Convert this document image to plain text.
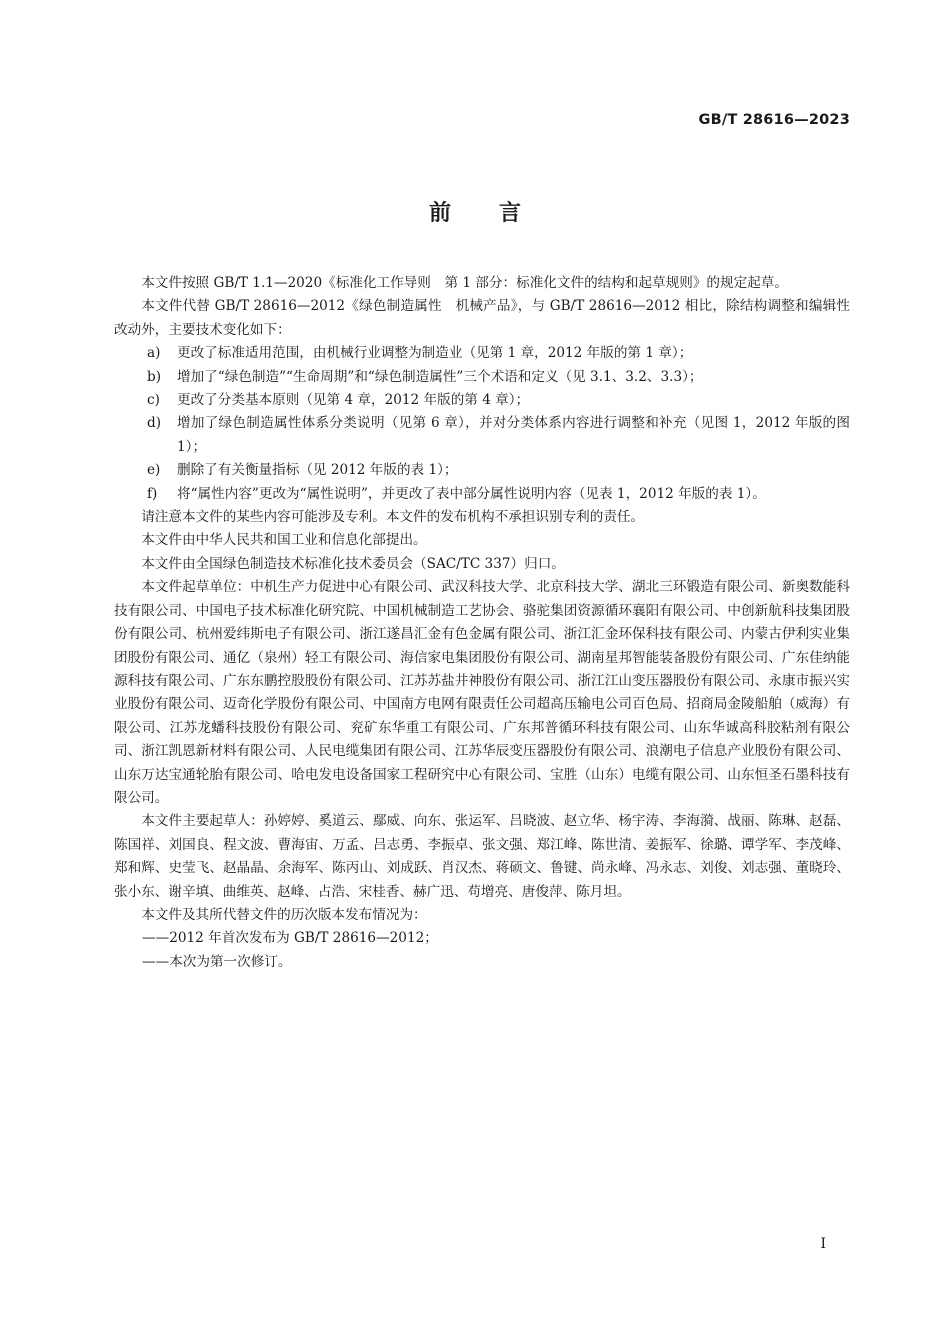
GB/T 28616—2023
前言

本文件按照 GB/T 1.1—2020《标准化工作导则　第 1 部分：标准化文件的结构和起草规则》的规定起草。

本文件代替 GB/T 28616—2012《绿色制造属性　机械产品》，与 GB/T 28616—2012 相比，除结构调整和编辑性改动外，主要技术变化如下：

a)	更改了标准适用范围，由机械行业调整为制造业（见第 1 章，2012 年版的第 1 章）；
b)	增加了“绿色制造”“生命周期”和“绿色制造属性”三个术语和定义（见 3.1、3.2、3.3）；
c)	更改了分类基本原则（见第 4 章，2012 年版的第 4 章）；
d)	增加了绿色制造属性体系分类说明（见第 6 章），并对分类体系内容进行调整和补充（见图 1，2012 年版的图 1）；
e)	删除了有关衡量指标（见 2012 年版的表 1）；
f)	将“属性内容”更改为“属性说明”，并更改了表中部分属性说明内容（见表 1，2012 年版的表 1）。

请注意本文件的某些内容可能涉及专利。本文件的发布机构不承担识别专利的责任。

本文件由中华人民共和国工业和信息化部提出。

本文件由全国绿色制造技术标准化技术委员会（SAC/TC 337）归口。

本文件起草单位：中机生产力促进中心有限公司、武汉科技大学、北京科技大学、湖北三环锻造有限公司、新奥数能科技有限公司、中国电子技术标准化研究院、中国机械制造工艺协会、骆驼集团资源循环襄阳有限公司、中创新航科技集团股份有限公司、杭州爱纬斯电子有限公司、浙江遂昌汇金有色金属有限公司、浙江汇金环保科技有限公司、内蒙古伊利实业集团股份有限公司、通亿（泉州）轻工有限公司、海信家电集团股份有限公司、湖南星邦智能装备股份有限公司、广东佳纳能源科技有限公司、广东东鹏控股股份有限公司、江苏苏盐井神股份有限公司、浙江江山变压器股份有限公司、永康市振兴实业股份有限公司、迈奇化学股份有限公司、中国南方电网有限责任公司超高压输电公司百色局、招商局金陵船舶（威海）有限公司、江苏龙蟠科技股份有限公司、兖矿东华重工有限公司、广东邦普循环科技有限公司、山东华诚高科胶粘剂有限公司、浙江凯恩新材料有限公司、人民电缆集团有限公司、江苏华辰变压器股份有限公司、浪潮电子信息产业股份有限公司、山东万达宝通轮胎有限公司、哈电发电设备国家工程研究中心有限公司、宝胜（山东）电缆有限公司、山东恒圣石墨科技有限公司。

本文件主要起草人：孙婷婷、奚道云、鄢威、向东、张运军、吕晓波、赵立华、杨宇涛、李海漪、战丽、陈琳、赵磊、陈国祥、刘国良、程文波、曹海宙、万孟、吕志勇、李振卓、张文强、郑江峰、陈世清、姜振军、徐璐、谭学军、李茂峰、郑和辉、史莹飞、赵晶晶、余海军、陈丙山、刘成跃、肖汉杰、蒋硕文、鲁键、尚永峰、冯永志、刘俊、刘志强、董晓玲、张小东、谢辛填、曲维英、赵峰、占浩、宋桂香、赫广迅、苟增亮、唐俊萍、陈月坦。

本文件及其所代替文件的历次版本发布情况为：

——2012 年首次发布为 GB/T 28616—2012；

——本次为第一次修订。

I
